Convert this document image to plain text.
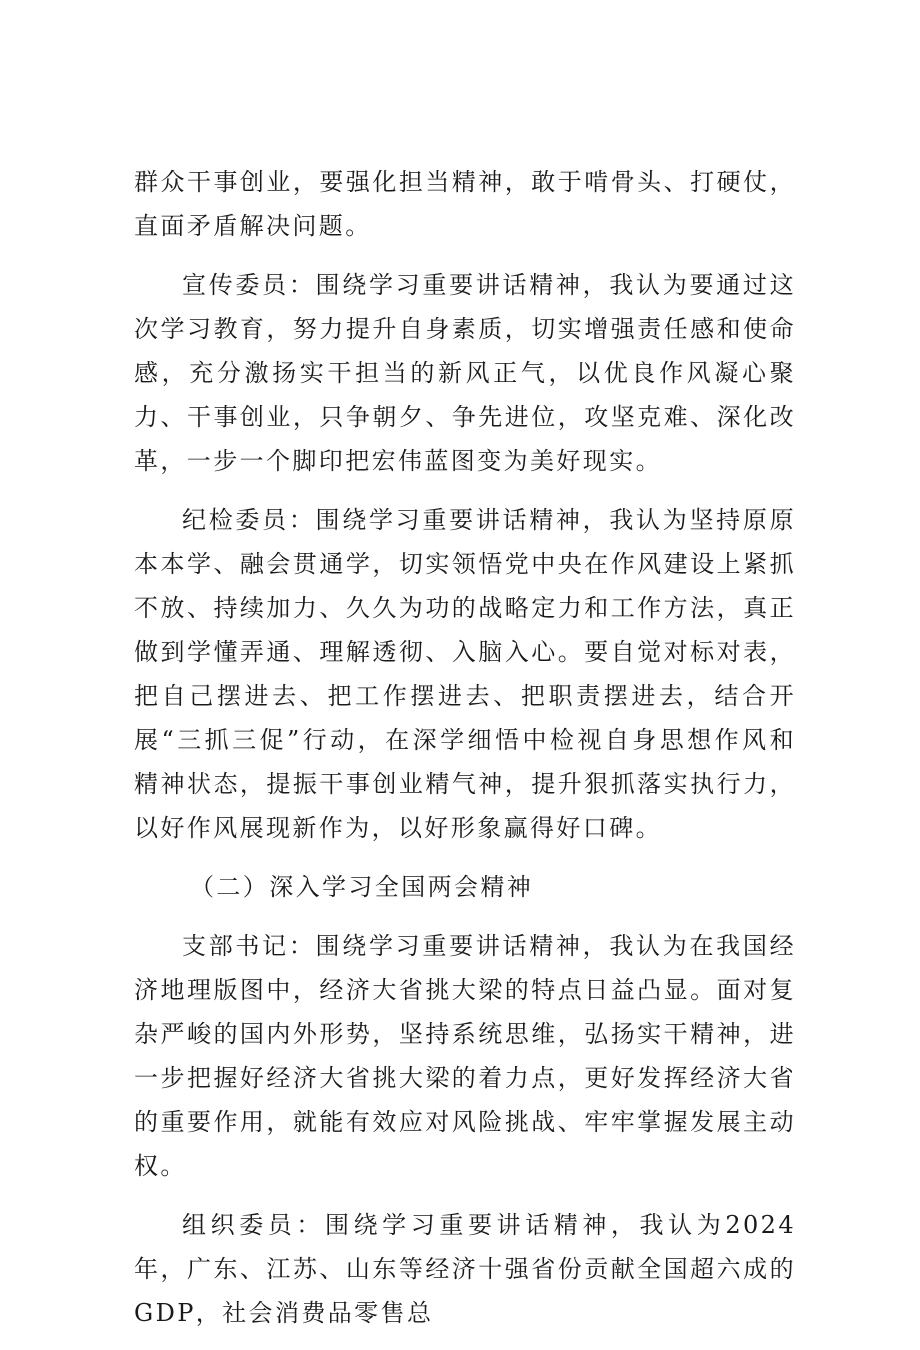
群众干事创业，要强化担当精神，敢于啃骨头、打硬仗，直面矛盾解决问题。

宣传委员：围绕学习重要讲话精神，我认为要通过这次学习教育，努力提升自身素质，切实增强责任感和使命感，充分激扬实干担当的新风正气，以优良作风凝心聚力、干事创业，只争朝夕、争先进位，攻坚克难、深化改革，一步一个脚印把宏伟蓝图变为美好现实。

纪检委员：围绕学习重要讲话精神，我认为坚持原原本本学、融会贯通学，切实领悟党中央在作风建设上紧抓不放、持续加力、久久为功的战略定力和工作方法，真正做到学懂弄通、理解透彻、入脑入心。要自觉对标对表，把自己摆进去、把工作摆进去、把职责摆进去，结合开展“三抓三促”行动，在深学细悟中检视自身思想作风和精神状态，提振干事创业精气神，提升狠抓落实执行力，以好作风展现新作为，以好形象赢得好口碑。

（二）深入学习全国两会精神

支部书记：围绕学习重要讲话精神，我认为在我国经济地理版图中，经济大省挑大梁的特点日益凸显。面对复杂严峻的国内外形势，坚持系统思维，弘扬实干精神，进一步把握好经济大省挑大梁的着力点，更好发挥经济大省的重要作用，就能有效应对风险挑战、牢牢掌握发展主动权。

组织委员：围绕学习重要讲话精神，我认为2024年，广东、江苏、山东等经济十强省份贡献全国超六成的GDP，社会消费品零售总
